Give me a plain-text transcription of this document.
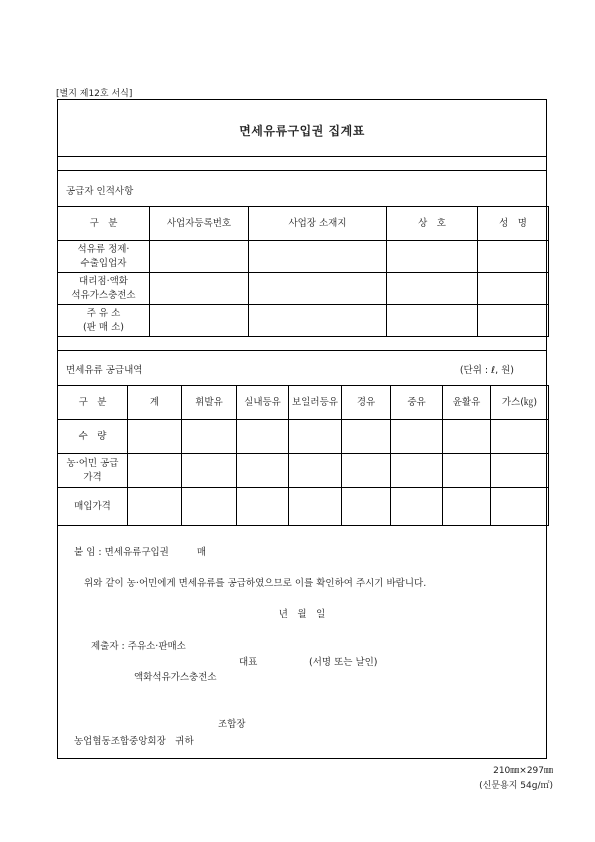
[별지 제12호 서식]
면세유류구입권 집계표
공급자 인적사항
구　분	사업자등록번호	사업장 소재지	상　호	성　명
석유류 정제·
수출입업자				
대리점·액화
석유가스충전소				
주 유 소
(판 매 소)				
면세유류 공급내역	(단위 : ℓ, 원)
구　분	계	휘발유	실내등유	보일러등유	경유	중유	윤활유	가스(㎏)
수　량								
농·어민 공급
가격								
매입가격								
붙 임 : 면세유류구입권	매
위와 같이 농·어민에게 면세유류를 공급하였으므로 이를 확인하여 주시기 바랍니다.
년　월　일
제출자 : 주유소·판매소
대표	(서명 또는 날인)
액화석유가스충전소
조합장
농업협동조합중앙회장　귀하
210㎜×297㎜
(신문용지 54g/㎡)
